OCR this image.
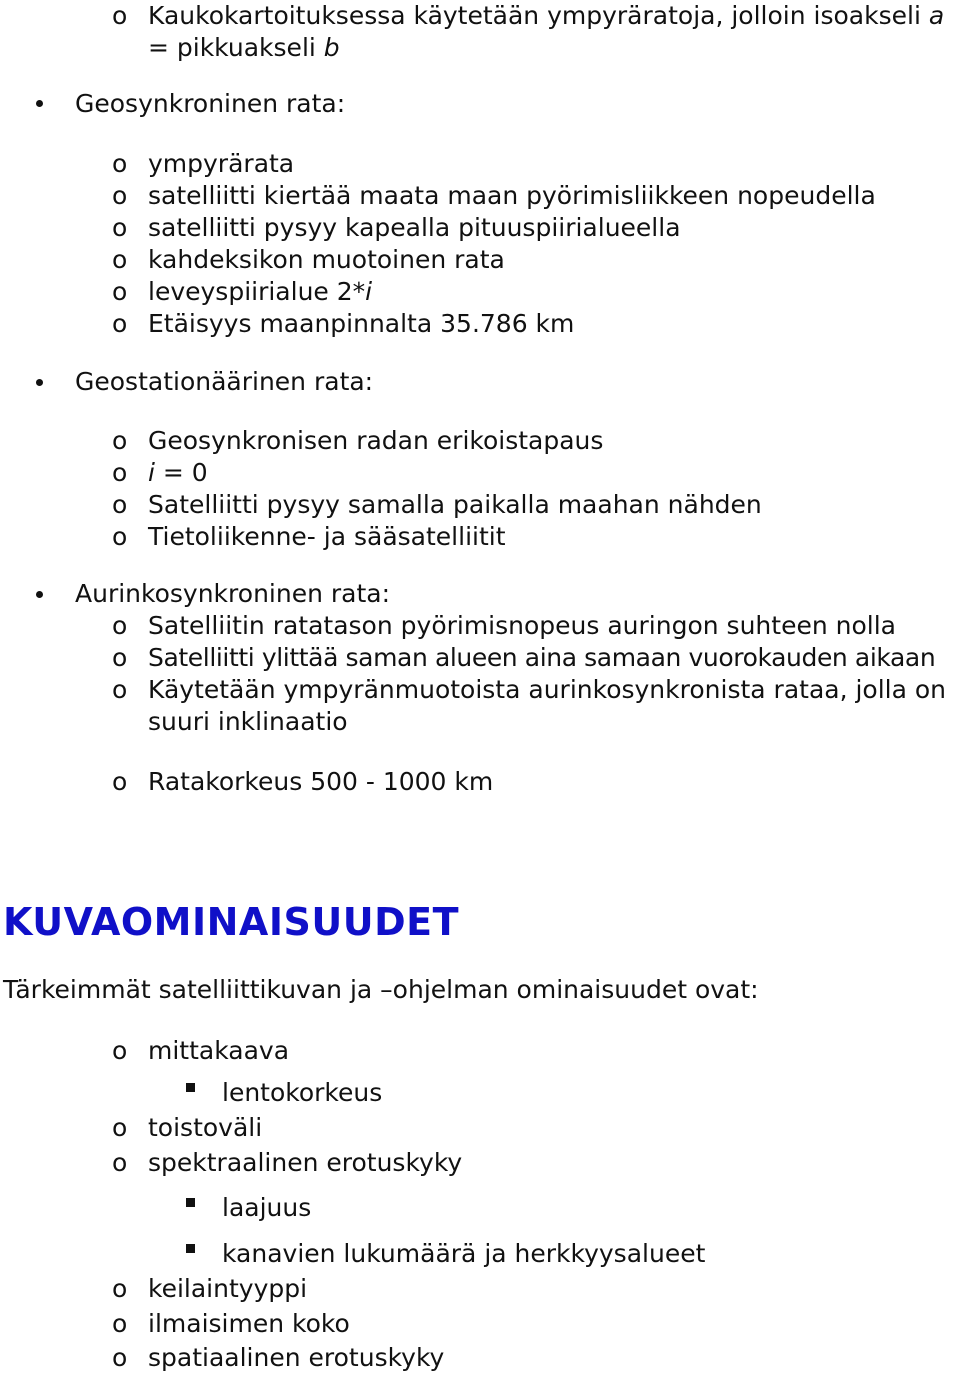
o Kaukokartoituksessa käytetään ympyräratoja, jolloin isoakseli a
= pikkuakseli b
Geosynkroninen rata:
o ympyrärata
o satelliitti kiertää maata maan pyörimisliikkeen nopeudella
o satelliitti pysyy kapealla pituuspiirialueella
o kahdeksikon muotoinen rata
o leveyspiirialue 2*i
o Etäisyys maanpinnalta 35.786 km
Geostationäärinen rata:
o Geosynkronisen radan erikoistapaus
o i = 0
o Satelliitti pysyy samalla paikalla maahan nähden
o Tietoliikenne- ja sääsatelliitit
Aurinkosynkroninen rata:
o Satelliitin ratatason pyörimisnopeus auringon suhteen nolla
o Satelliitti ylittää saman alueen aina samaan vuorokauden aikaan
o Käytetään ympyränmuotoista aurinkosynkronista rataa, jolla on
suuri inklinaatio
o Ratakorkeus 500 - 1000 km
KUVAOMINAISUUDET
Tärkeimmät satelliittikuvan ja –ohjelman ominaisuudet ovat:
o mittakaava
lentokorkeus
o toistoväli
o spektraalinen erotuskyky
laajuus
kanavien lukumäärä ja herkkyysalueet
o keilaintyyppi
o ilmaisimen koko
o spatiaalinen erotuskyky
